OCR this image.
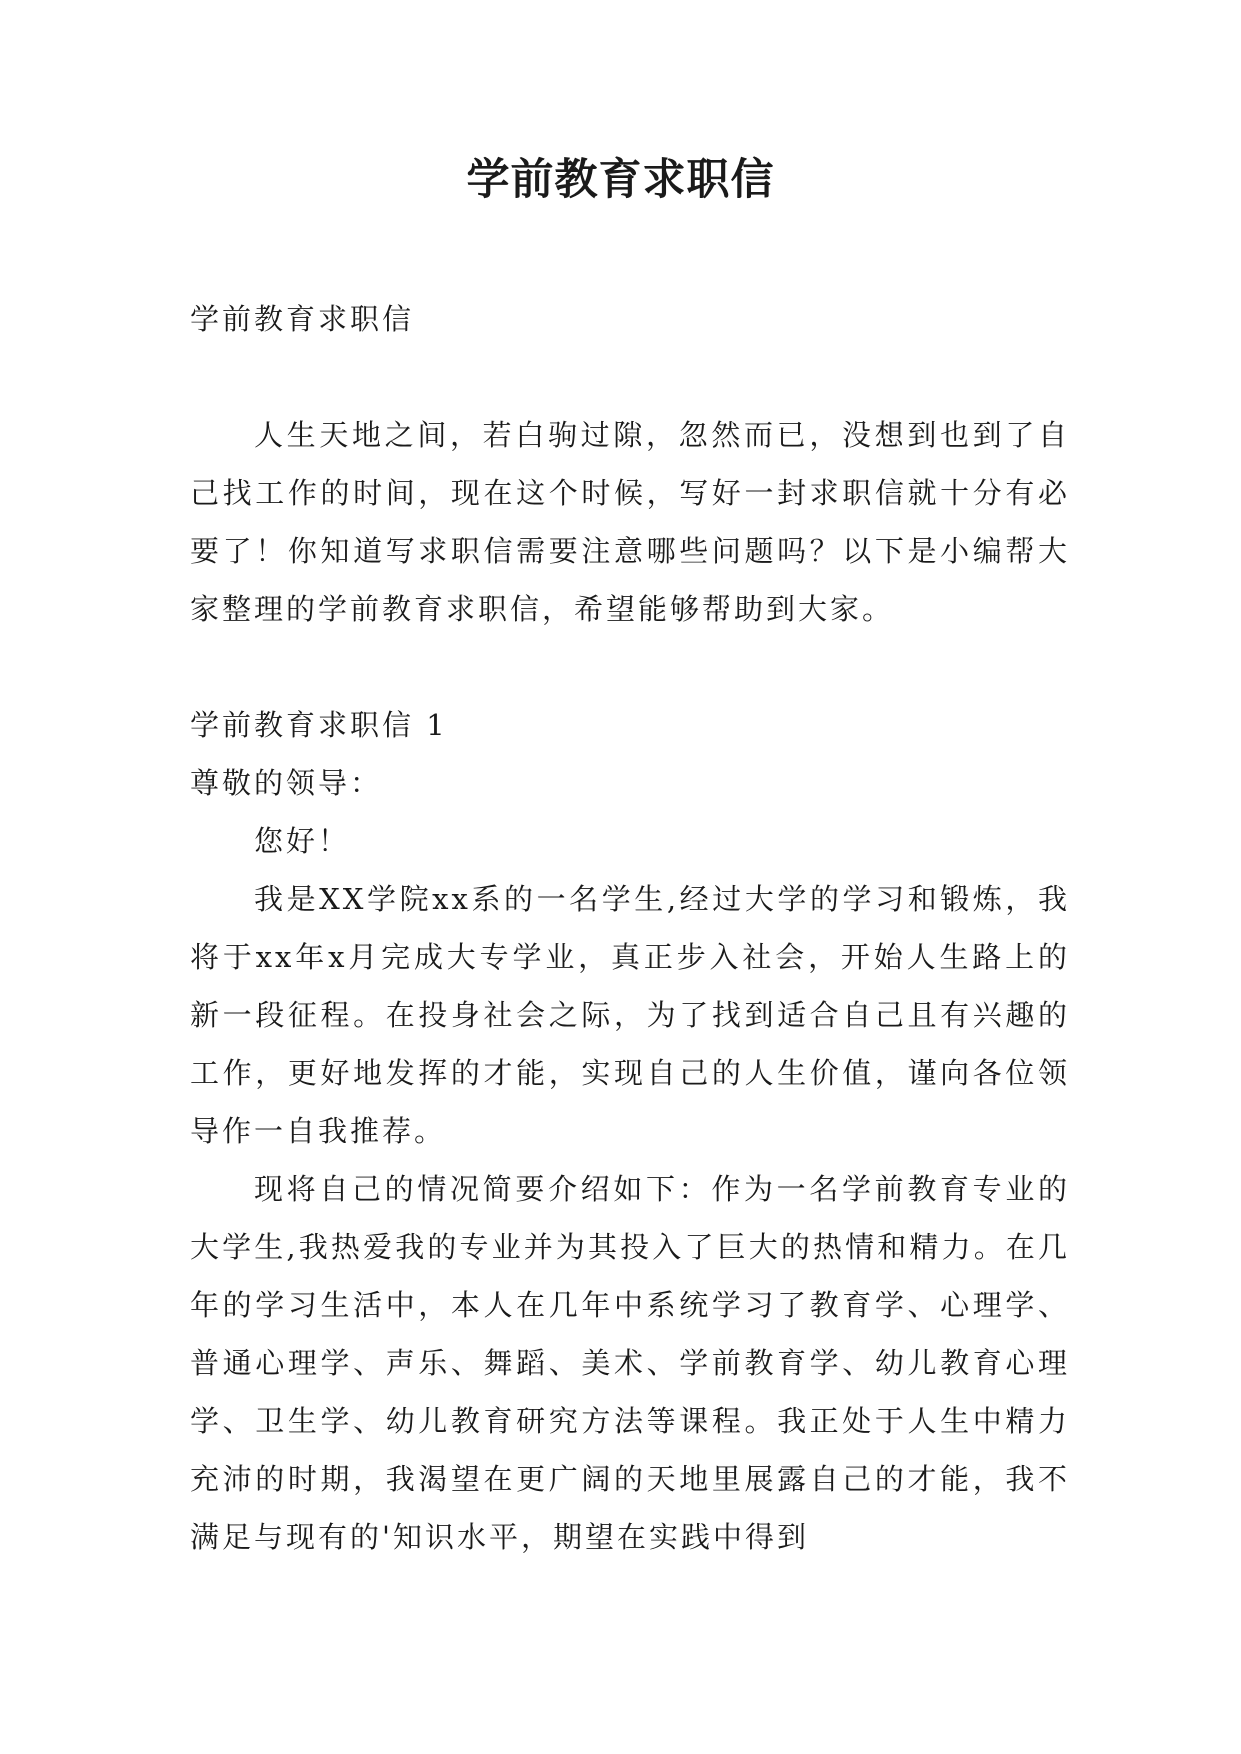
学前教育求职信

学前教育求职信

人生天地之间，若白驹过隙，忽然而已，没想到也到了自己找工作的时间，现在这个时候，写好一封求职信就十分有必要了！你知道写求职信需要注意哪些问题吗？以下是小编帮大家整理的学前教育求职信，希望能够帮助到大家。

学前教育求职信 1

尊敬的领导：

您好！

我是XX学院xx系的一名学生,经过大学的学习和锻炼，我将于xx年x月完成大专学业，真正步入社会，开始人生路上的新一段征程。在投身社会之际，为了找到适合自己且有兴趣的工作，更好地发挥的才能，实现自己的人生价值，谨向各位领导作一自我推荐。

现将自己的情况简要介绍如下：作为一名学前教育专业的大学生,我热爱我的专业并为其投入了巨大的热情和精力。在几年的学习生活中，本人在几年中系统学习了教育学、心理学、普通心理学、声乐、舞蹈、美术、学前教育学、幼儿教育心理学、卫生学、幼儿教育研究方法等课程。我正处于人生中精力充沛的时期，我渴望在更广阔的天地里展露自己的才能，我不满足与现有的'知识水平，期望在实践中得到
